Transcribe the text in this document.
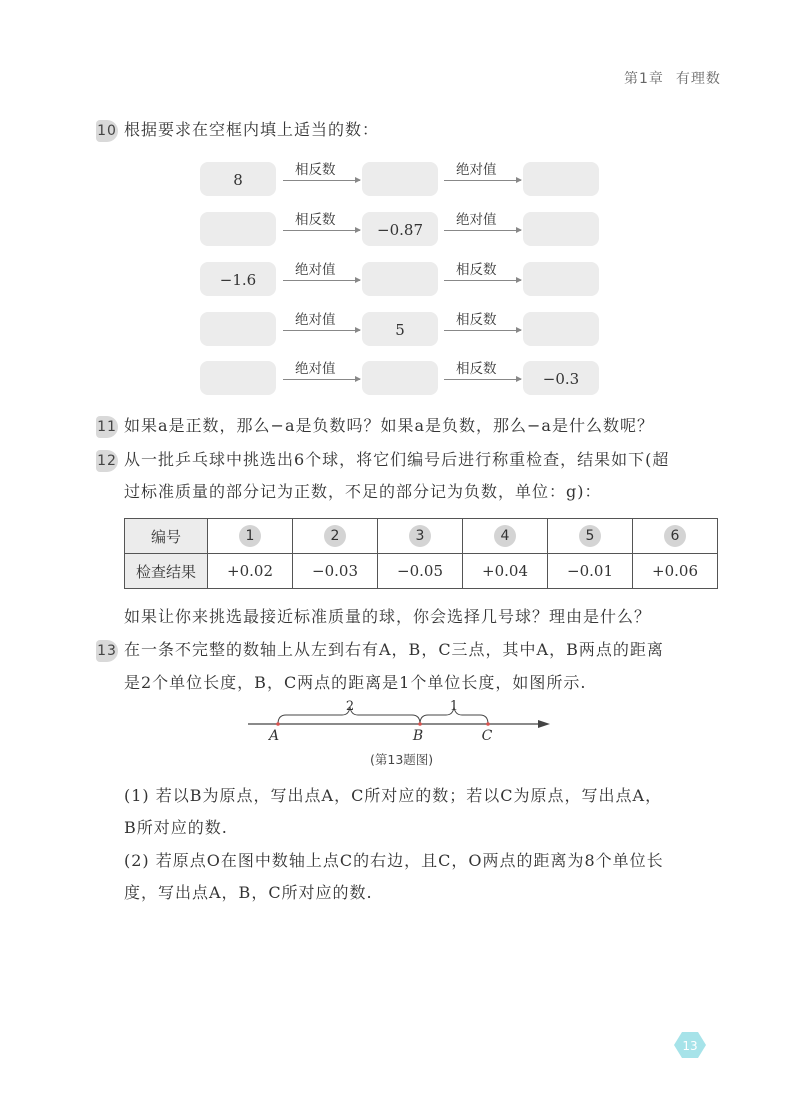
第1章 有理数
10 根据要求在空框内填上适当的数：
8
相反数	绝对值
−0.87
相反数	绝对值
−1.6
绝对值	相反数
5
绝对值	相反数
−0.3
绝对值	相反数
11 如果a是正数，那么−a是负数吗？如果a是负数，那么−a是什么数呢？
12 从一批乒乓球中挑选出6个球，将它们编号后进行称重检查，结果如下(超
过标准质量的部分记为正数，不足的部分记为负数，单位：g)：
编号	1	2	3	4	5	6
检查结果	+0.02	−0.03	−0.05	+0.04	−0.01	+0.06
如果让你来挑选最接近标准质量的球，你会选择几号球？理由是什么？
13 在一条不完整的数轴上从左到右有A，B，C三点，其中A，B两点的距离
是2个单位长度，B，C两点的距离是1个单位长度，如图所示.
2	1
A	B	C
(第13题图)
(1) 若以B为原点，写出点A，C所对应的数；若以C为原点，写出点A，
B所对应的数.
(2) 若原点O在图中数轴上点C的右边，且C，O两点的距离为8个单位长
度，写出点A，B，C所对应的数.
13
